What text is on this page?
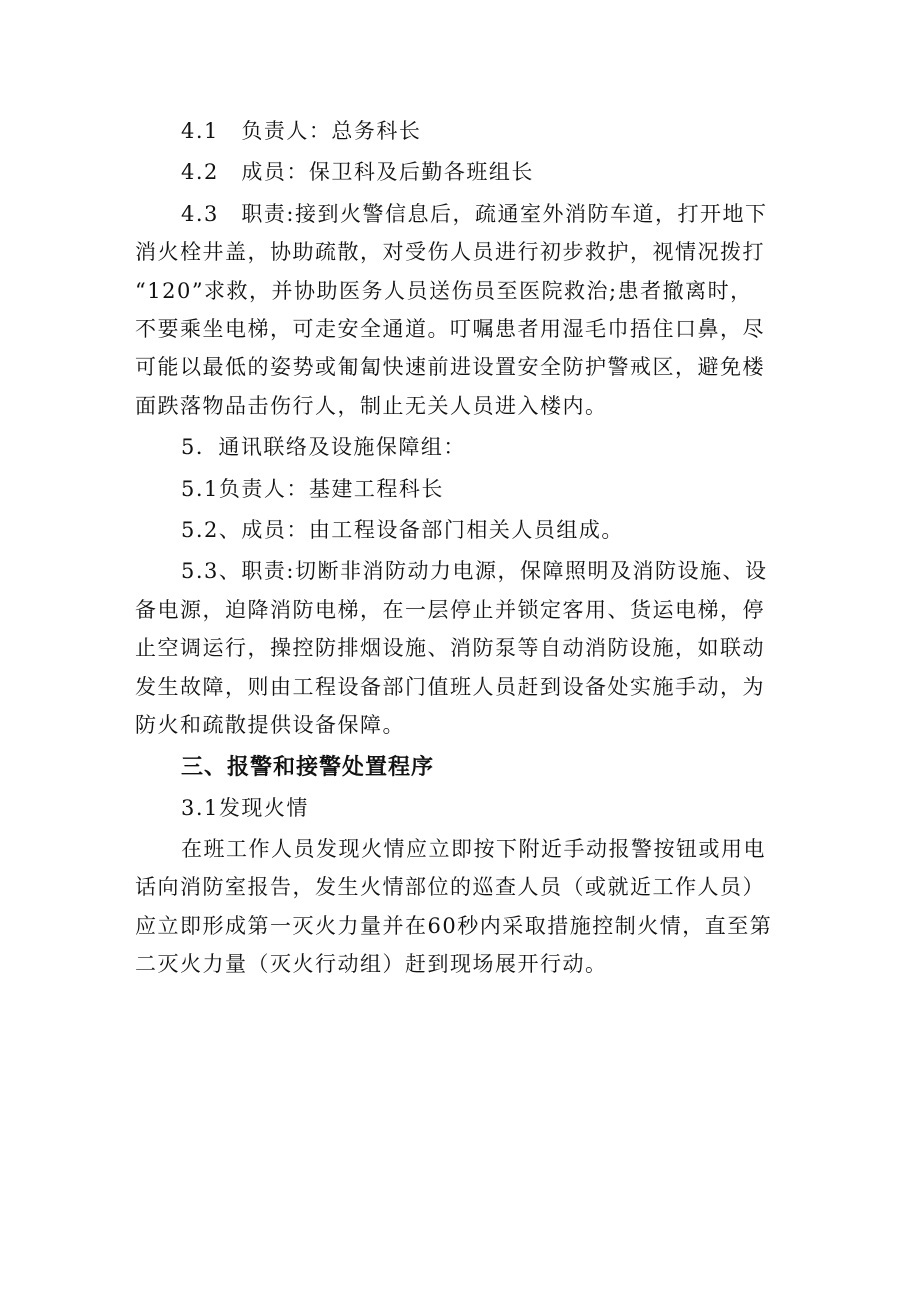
4.1　负责人：总务科长

4.2　成员：保卫科及后勤各班组长

4.3　职责:接到火警信息后，疏通室外消防车道，打开地下
消火栓井盖，协助疏散，对受伤人员进行初步救护，视情况拨打
“120”求救，并协助医务人员送伤员至医院救治;患者撤离时，
不要乘坐电梯，可走安全通道。叮嘱患者用湿毛巾捂住口鼻，尽
可能以最低的姿势或匍匐快速前进设置安全防护警戒区，避免楼
面跌落物品击伤行人，制止无关人员进入楼内。

5．通讯联络及设施保障组：

5.1负责人：基建工程科长

5.2、成员：由工程设备部门相关人员组成。

5.3、职责:切断非消防动力电源，保障照明及消防设施、设
备电源，迫降消防电梯，在一层停止并锁定客用、货运电梯，停
止空调运行，操控防排烟设施、消防泵等自动消防设施，如联动
发生故障，则由工程设备部门值班人员赶到设备处实施手动，为
防火和疏散提供设备保障。

三、报警和接警处置程序

3.1发现火情

在班工作人员发现火情应立即按下附近手动报警按钮或用电
话向消防室报告，发生火情部位的巡查人员（或就近工作人员）
应立即形成第一灭火力量并在60秒内采取措施控制火情，直至第
二灭火力量（灭火行动组）赶到现场展开行动。
